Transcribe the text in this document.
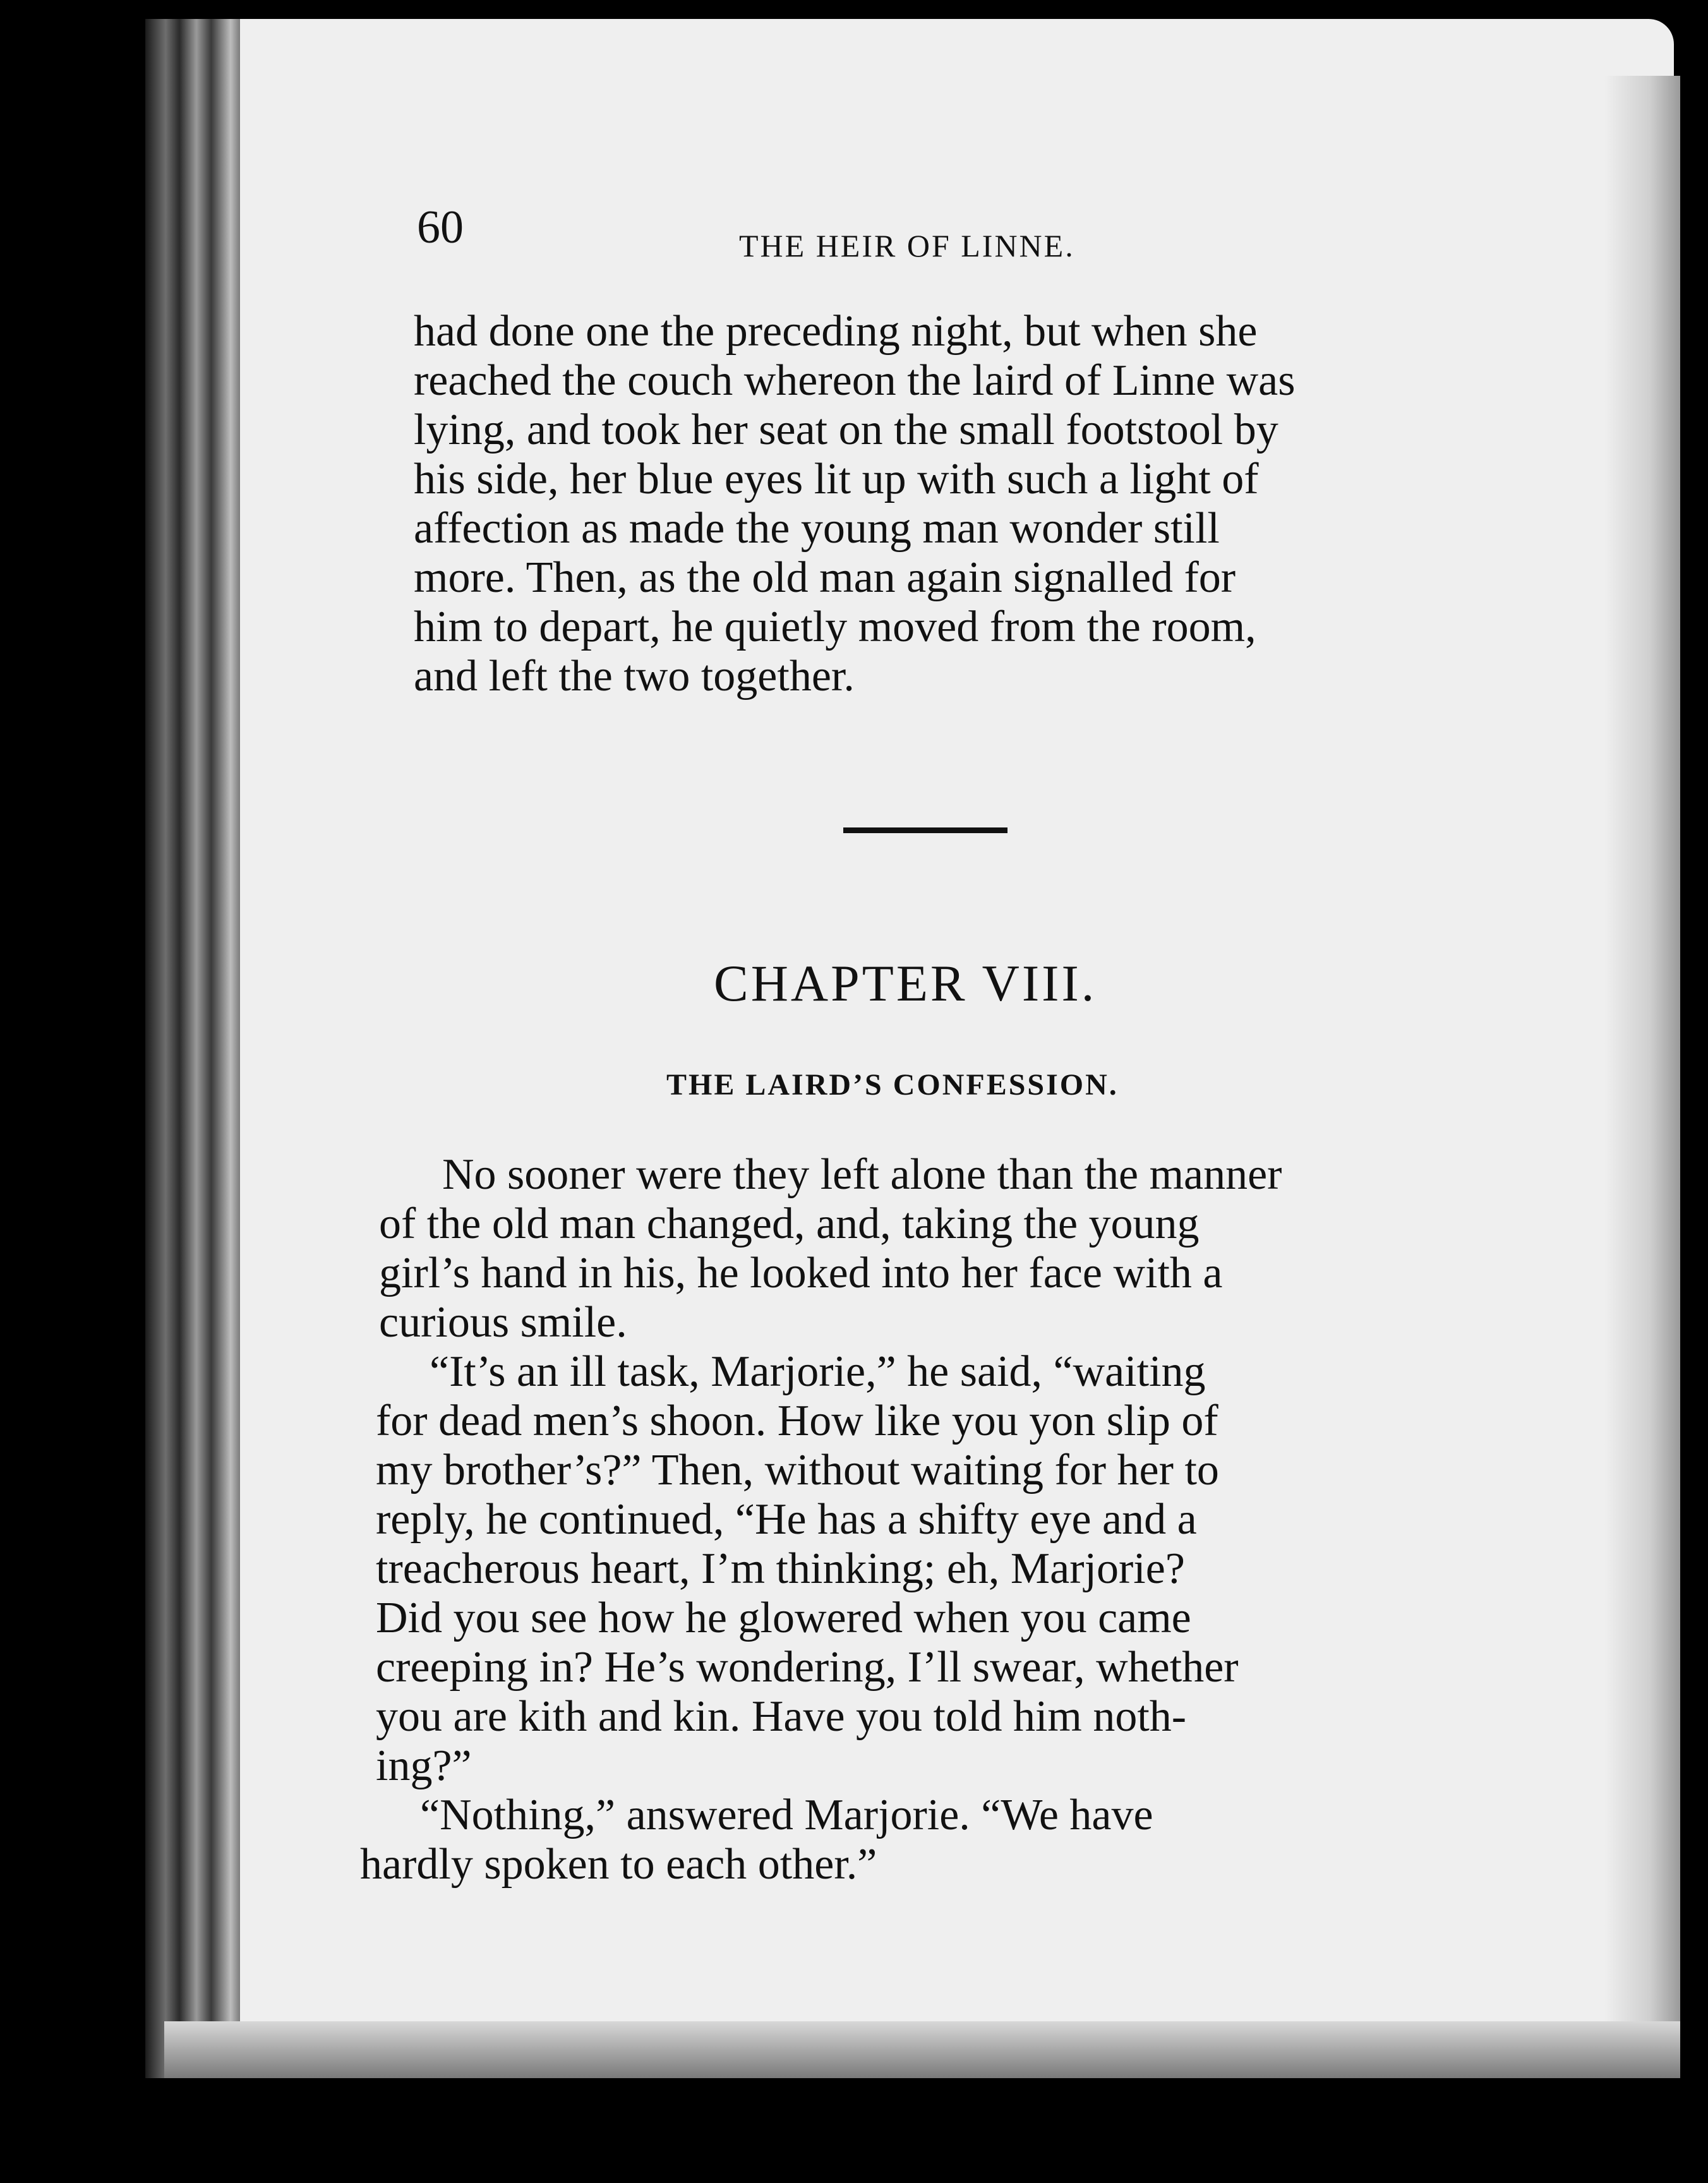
60	THE HEIR OF LINNE.
had done one the preceding night, but when she
reached the couch whereon the laird of Linne was
lying, and took her seat on the small footstool by
his side, her blue eyes lit up with such a light of
affection as made the young man wonder still
more. Then, as the old man again signalled for
him to depart, he quietly moved from the room,
and left the two together.
CHAPTER VIII.
THE LAIRD’S CONFESSION.
No sooner were they left alone than the manner
of the old man changed, and, taking the young
girl’s hand in his, he looked into her face with a
curious smile.
“It’s an ill task, Marjorie,” he said, “waiting
for dead men’s shoon. How like you yon slip of
my brother’s?” Then, without waiting for her to
reply, he continued, “He has a shifty eye and a
treacherous heart, I’m thinking; eh, Marjorie?
Did you see how he glowered when you came
creeping in? He’s wondering, I’ll swear, whether
you are kith and kin. Have you told him noth-
ing?”
“Nothing,” answered Marjorie. “We have
hardly spoken to each other.”
